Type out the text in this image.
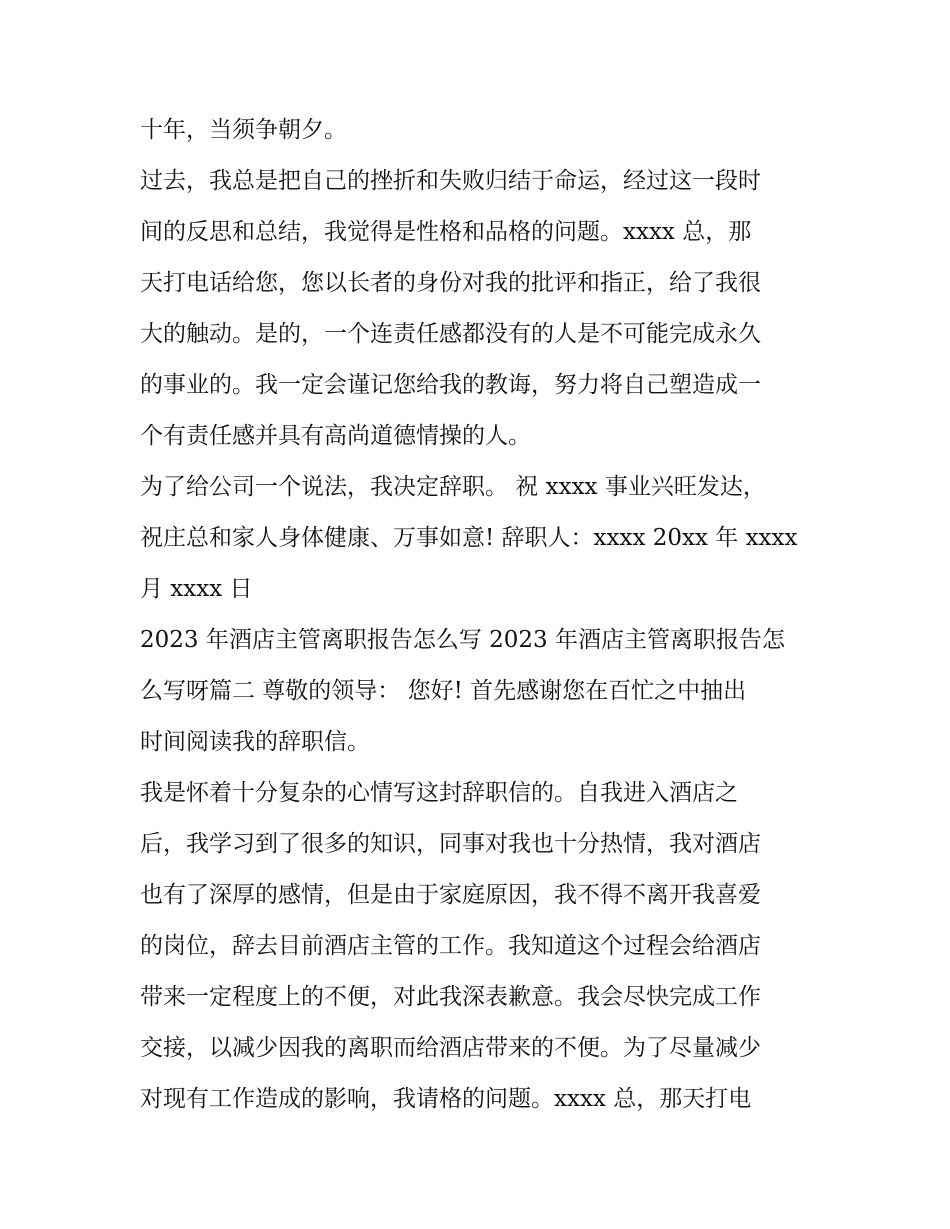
十年，当须争朝夕。
过去，我总是把自己的挫折和失败归结于命运，经过这一段时
间的反思和总结，我觉得是性格和品格的问题。xxxx 总，那
天打电话给您，您以长者的身份对我的批评和指正，给了我很
大的触动。是的，一个连责任感都没有的人是不可能完成永久
的事业的。我一定会谨记您给我的教诲，努力将自己塑造成一
个有责任感并具有高尚道德情操的人。
为了给公司一个说法，我决定辞职。 祝 xxxx 事业兴旺发达，
祝庄总和家人身体健康、万事如意! 辞职人：xxxx 20xx 年 xxxx
月 xxxx 日
2023 年酒店主管离职报告怎么写 2023 年酒店主管离职报告怎
么写呀篇二 尊敬的领导： 您好! 首先感谢您在百忙之中抽出
时间阅读我的辞职信。
我是怀着十分复杂的心情写这封辞职信的。自我进入酒店之
后，我学习到了很多的知识，同事对我也十分热情，我对酒店
也有了深厚的感情，但是由于家庭原因，我不得不离开我喜爱
的岗位，辞去目前酒店主管的工作。我知道这个过程会给酒店
带来一定程度上的不便，对此我深表歉意。我会尽快完成工作
交接，以减少因我的离职而给酒店带来的不便。为了尽量减少
对现有工作造成的影响，我请格的问题。xxxx 总，那天打电
